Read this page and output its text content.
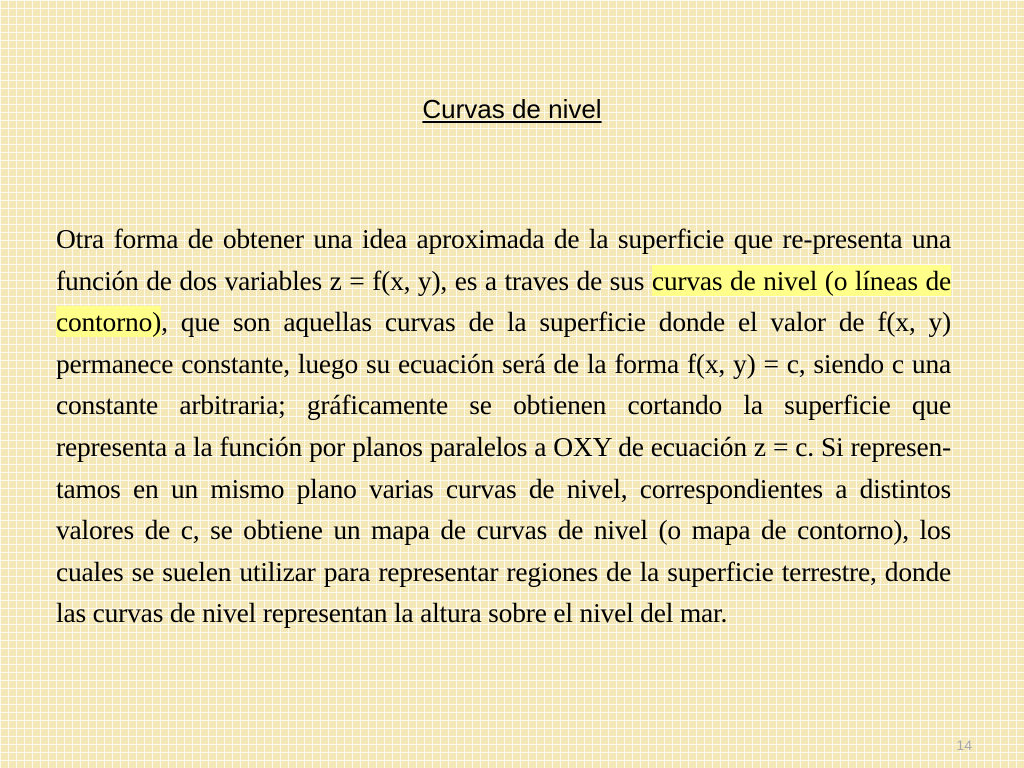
Curvas de nivel

Otra forma de obtener una idea aproximada de la superficie que re-presenta una función de dos variables z = f(x, y), es a traves de sus curvas de nivel (o líneas de contorno), que son aquellas curvas de la superficie donde el valor de f(x, y) permanece constante, luego su ecuación será de la forma f(x, y) = c, siendo c una constante arbitraria; gráficamente se obtienen cortando la superficie que representa a la función por planos paralelos a OXY de ecuación z = c. Si represen-tamos en un mismo plano varias curvas de nivel, correspondientes a distintos valores de c, se obtiene un mapa de curvas de nivel (o mapa de contorno), los cuales se suelen utilizar para representar regiones de la superficie terrestre, donde las curvas de nivel representan la altura sobre el nivel del mar.

14
